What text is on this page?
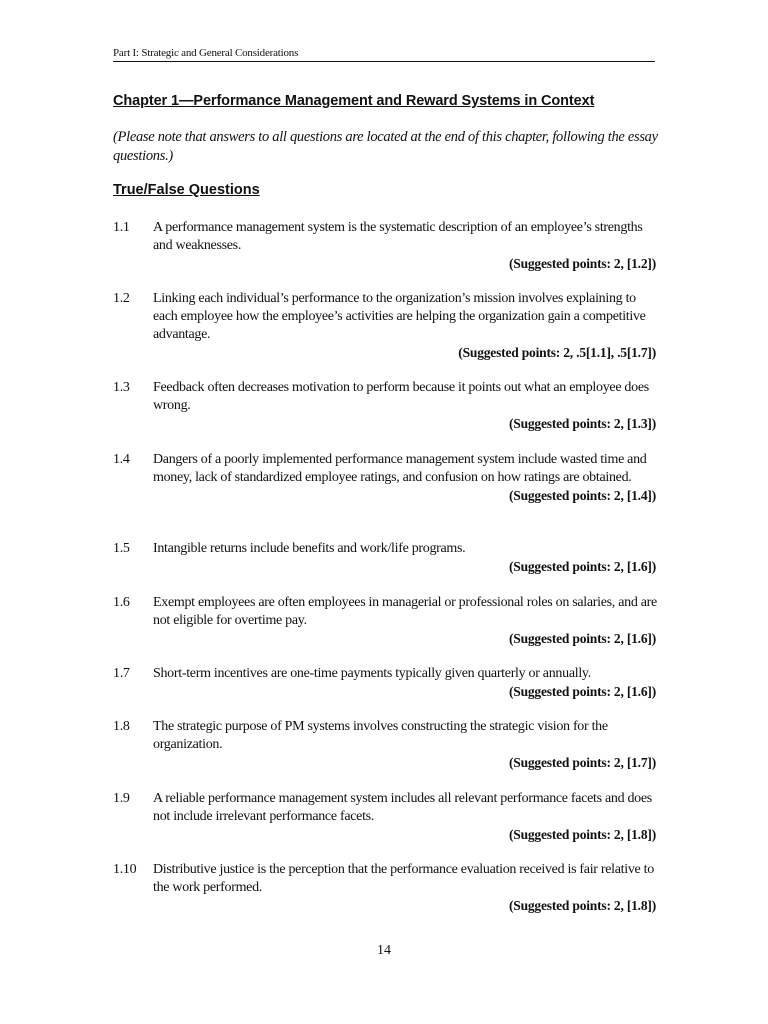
Part I: Strategic and General Considerations
Chapter 1—Performance Management and Reward Systems in Context
(Please note that answers to all questions are located at the end of this chapter, following the essay questions.)
True/False Questions
1.1 A performance management system is the systematic description of an employee’s strengths and weaknesses.
(Suggested points: 2, [1.2])
1.2 Linking each individual’s performance to the organization’s mission involves explaining to each employee how the employee’s activities are helping the organization gain a competitive advantage.
(Suggested points: 2, .5[1.1], .5[1.7])
1.3 Feedback often decreases motivation to perform because it points out what an employee does wrong.
(Suggested points: 2, [1.3])
1.4 Dangers of a poorly implemented performance management system include wasted time and money, lack of standardized employee ratings, and confusion on how ratings are obtained.
(Suggested points: 2, [1.4])
1.5 Intangible returns include benefits and work/life programs.
(Suggested points: 2, [1.6])
1.6 Exempt employees are often employees in managerial or professional roles on salaries, and are not eligible for overtime pay.
(Suggested points: 2, [1.6])
1.7 Short-term incentives are one-time payments typically given quarterly or annually.
(Suggested points: 2, [1.6])
1.8 The strategic purpose of PM systems involves constructing the strategic vision for the organization.
(Suggested points: 2, [1.7])
1.9 A reliable performance management system includes all relevant performance facets and does not include irrelevant performance facets.
(Suggested points: 2, [1.8])
1.10 Distributive justice is the perception that the performance evaluation received is fair relative to the work performed.
(Suggested points: 2, [1.8])
14
